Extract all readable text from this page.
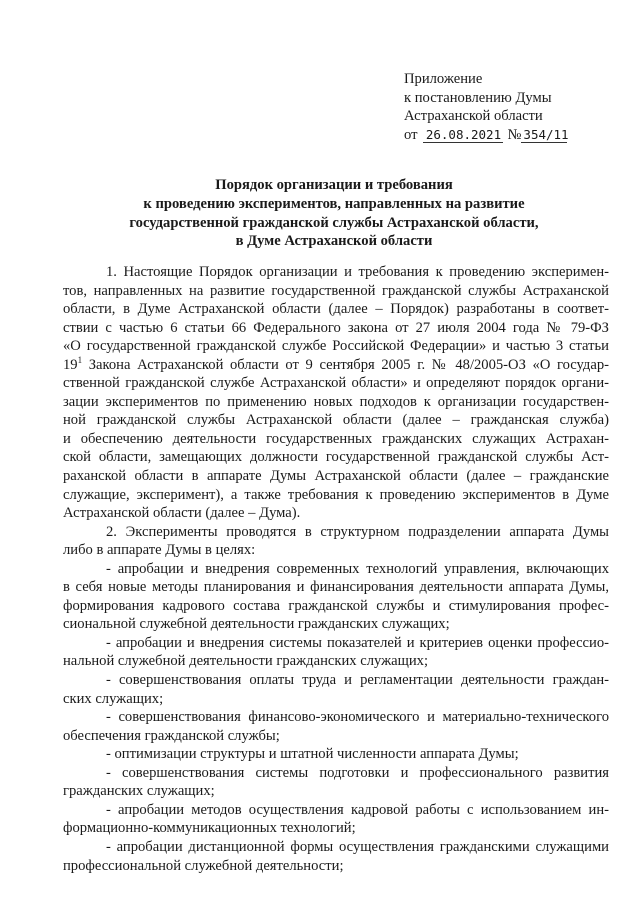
Приложение
к постановлению Думы
Астраханской области
от 26.08.2021 № 354/11
Порядок организации и требования
к проведению экспериментов, направленных на развитие
государственной гражданской службы Астраханской области,
в Думе Астраханской области
1. Настоящие Порядок организации и требования к проведению эксперимен-
тов, направленных на развитие государственной гражданской службы Астраханской
области, в Думе Астраханской области (далее – Порядок) разработаны в соответ-
ствии с частью 6 статьи 66 Федерального закона от 27 июля 2004 года № 79-ФЗ
«О государственной гражданской службе Российской Федерации» и частью 3 статьи
$19^1$ Закона Астраханской области от 9 сентября 2005 г. № 48/2005-ОЗ «О государ-
ственной гражданской службе Астраханской области» и определяют порядок органи-
зации экспериментов по применению новых подходов к организации государствен-
ной гражданской службы Астраханской области (далее – гражданская служба)
и обеспечению деятельности государственных гражданских служащих Астрахан-
ской области, замещающих должности государственной гражданской службы Аст-
раханской области в аппарате Думы Астраханской области (далее – гражданские
служащие, эксперимент), а также требования к проведению экспериментов в Думе
Астраханской области (далее – Дума).
2. Эксперименты проводятся в структурном подразделении аппарата Думы
либо в аппарате Думы в целях:
- апробации и внедрения современных технологий управления, включающих
в себя новые методы планирования и финансирования деятельности аппарата Думы,
формирования кадрового состава гражданской службы и стимулирования профес-
сиональной служебной деятельности гражданских служащих;
- апробации и внедрения системы показателей и критериев оценки профессио-
нальной служебной деятельности гражданских служащих;
- совершенствования оплаты труда и регламентации деятельности граждан-
ских служащих;
- совершенствования финансово-экономического и материально-технического
обеспечения гражданской службы;
- оптимизации структуры и штатной численности аппарата Думы;
- совершенствования системы подготовки и профессионального развития
гражданских служащих;
- апробации методов осуществления кадровой работы с использованием ин-
формационно-коммуникационных технологий;
- апробации дистанционной формы осуществления гражданскими служащими
профессиональной служебной деятельности;
